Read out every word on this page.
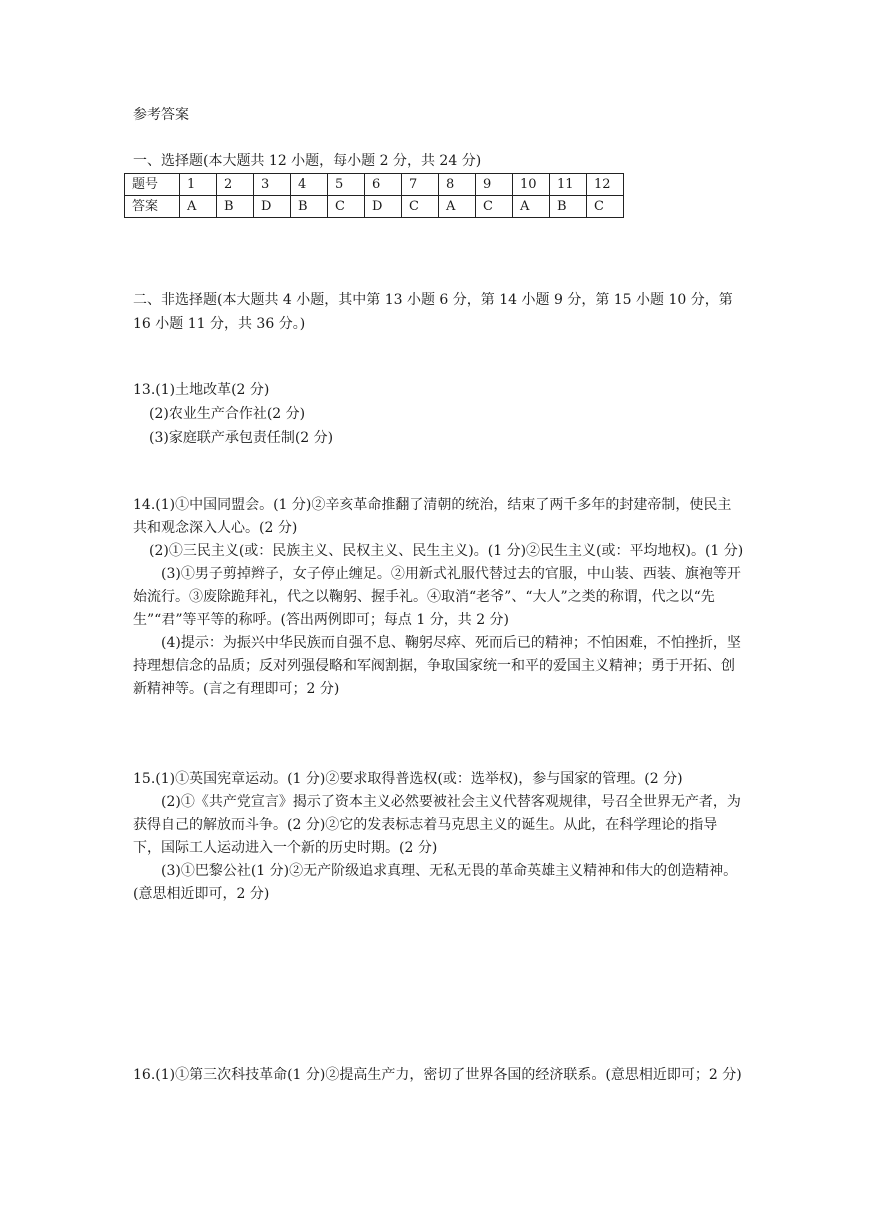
参考答案
一、选择题(本大题共 12 小题，每小题 2 分，共 24 分)
题号	1	2	3	4	5	6	7	8	9	10	11	12
答案	A	B	D	B	C	D	C	A	C	A	B	C
二、非选择题(本大题共 4 小题，其中第 13 小题 6 分，第 14 小题 9 分，第 15 小题 10 分，第 16 小题 11 分，共 36 分。)
13.(1)土地改革(2 分)
(2)农业生产合作社(2 分)
(3)家庭联产承包责任制(2 分)
14.(1)①中国同盟会。(1 分)②辛亥革命推翻了清朝的统治，结束了两千多年的封建帝制，使民主共和观念深入人心。(2 分)
(2)①三民主义(或：民族主义、民权主义、民生主义)。(1 分)②民生主义(或：平均地权)。(1 分)
(3)①男子剪掉辫子，女子停止缠足。②用新式礼服代替过去的官服，中山装、西装、旗袍等开始流行。③废除跪拜礼，代之以鞠躬、握手礼。④取消“老爷”、“大人”之类的称谓，代之以“先生”“君”等平等的称呼。(答出两例即可；每点 1 分，共 2 分)
(4)提示：为振兴中华民族而自强不息、鞠躬尽瘁、死而后已的精神；不怕困难，不怕挫折，坚持理想信念的品质；反对列强侵略和军阀割据，争取国家统一和平的爱国主义精神；勇于开拓、创新精神等。(言之有理即可；2 分)
15.(1)①英国宪章运动。(1 分)②要求取得普选权(或：选举权)，参与国家的管理。(2 分)
(2)①《共产党宣言》揭示了资本主义必然要被社会主义代替客观规律，号召全世界无产者，为获得自己的解放而斗争。(2 分)②它的发表标志着马克思主义的诞生。从此，在科学理论的指导下，国际工人运动进入一个新的历史时期。(2 分)
(3)①巴黎公社(1 分)②无产阶级追求真理、无私无畏的革命英雄主义精神和伟大的创造精神。(意思相近即可，2 分)
16.(1)①第三次科技革命(1 分)②提高生产力，密切了世界各国的经济联系。(意思相近即可；2 分)
